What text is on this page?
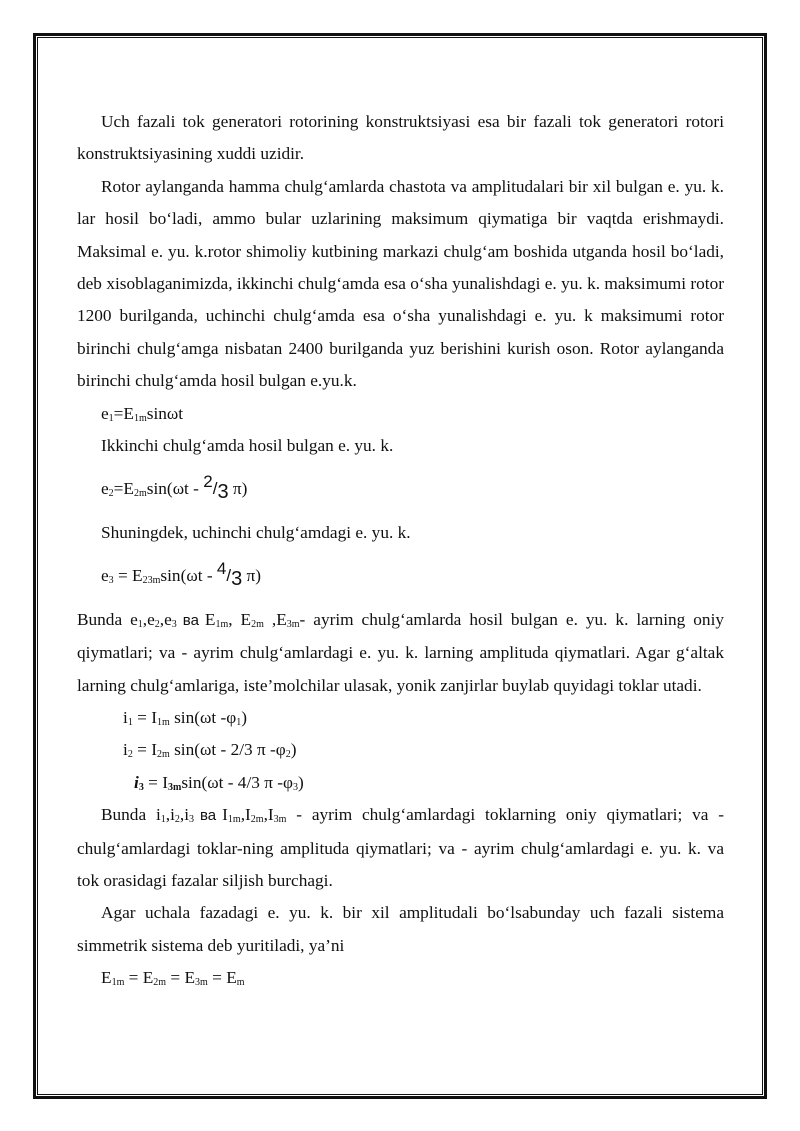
Uch fazali tok generatori rotorining konstruktsiyasi esa bir fazali tok generatori rotori konstruktsiyasining xuddi uzidir.

Rotor aylanganda hamma chulg‘amlarda chastota va amplitudalari bir xil bulgan e. yu. k. lar hosil bo‘ladi, ammo bular uzlarining maksimum qiymatiga bir vaqtda erishmaydi. Maksimal e. yu. k.rotor shimoliy kutbining markazi chulg‘am boshida utganda hosil bo‘ladi, deb xisoblaganimizda, ikkinchi chulg‘amda esa o‘sha yunalishdagi e. yu. k. maksimumi rotor 1200 burilganda, uchinchi chulg‘amda esa o‘sha yunalishdagi e. yu. k maksimumi rotor birinchi chulg‘amga nisbatan 2400 burilganda yuz berishini kurish oson. Rotor aylanganda birinchi chulg‘amda hosil bulgan e.yu.k.

$e_1=E_{1m}\sin\omega t$
Ikkinchi chulg‘amda hosil bulgan e. yu. k.
$e_2=E_{2m}\sin(\omega t - 2/3$ π)
Shuningdek, uchinchi chulg‘amdagi e. yu. k.
$e_3 = E_{23m}\sin(\omega t - 4/3$ π)

Bunda $e_1,e_2,e_3$ ва $E_{1m}$, $E_{2m}$ $,E_{3m}-$ ayrim chulg‘amlarda hosil bulgan e. yu. k. larning oniy qiymatlari; va - ayrim chulg‘amlardagi e. yu. k. larning amplituda qiymatlari. Agar g‘altak larning chulg‘amlariga, iste’molchilar ulasak, yonik zanjirlar buylab quyidagi toklar utadi.

$i_1 = I_{1m}$ sin(ωt $-\varphi_1$)
$i_2 = I_{2m}$ sin(ωt - 2/3 π $-\varphi_2$)
$i_3 = I_{3m}\sin(\omega t - 4/3$ π $-\varphi_3$)

Bunda $i_1,i_2,i_3$ ва $I_{1m},I_{2m},I_{3m}$ - ayrim chulg‘amlardagi toklarning oniy qiymatlari; va - chulg‘amlardagi toklar-ning amplituda qiymatlari; va - ayrim chulg‘amlardagi e. yu. k. va tok orasidagi fazalar siljish burchagi.

Agar uchala fazadagi e. yu. k. bir xil amplitudali bo‘lsabunday uch fazali sistema simmetrik sistema deb yuritiladi, ya’ni

$E_{1m} = E_{2m} = E_{3m} = E_m$
